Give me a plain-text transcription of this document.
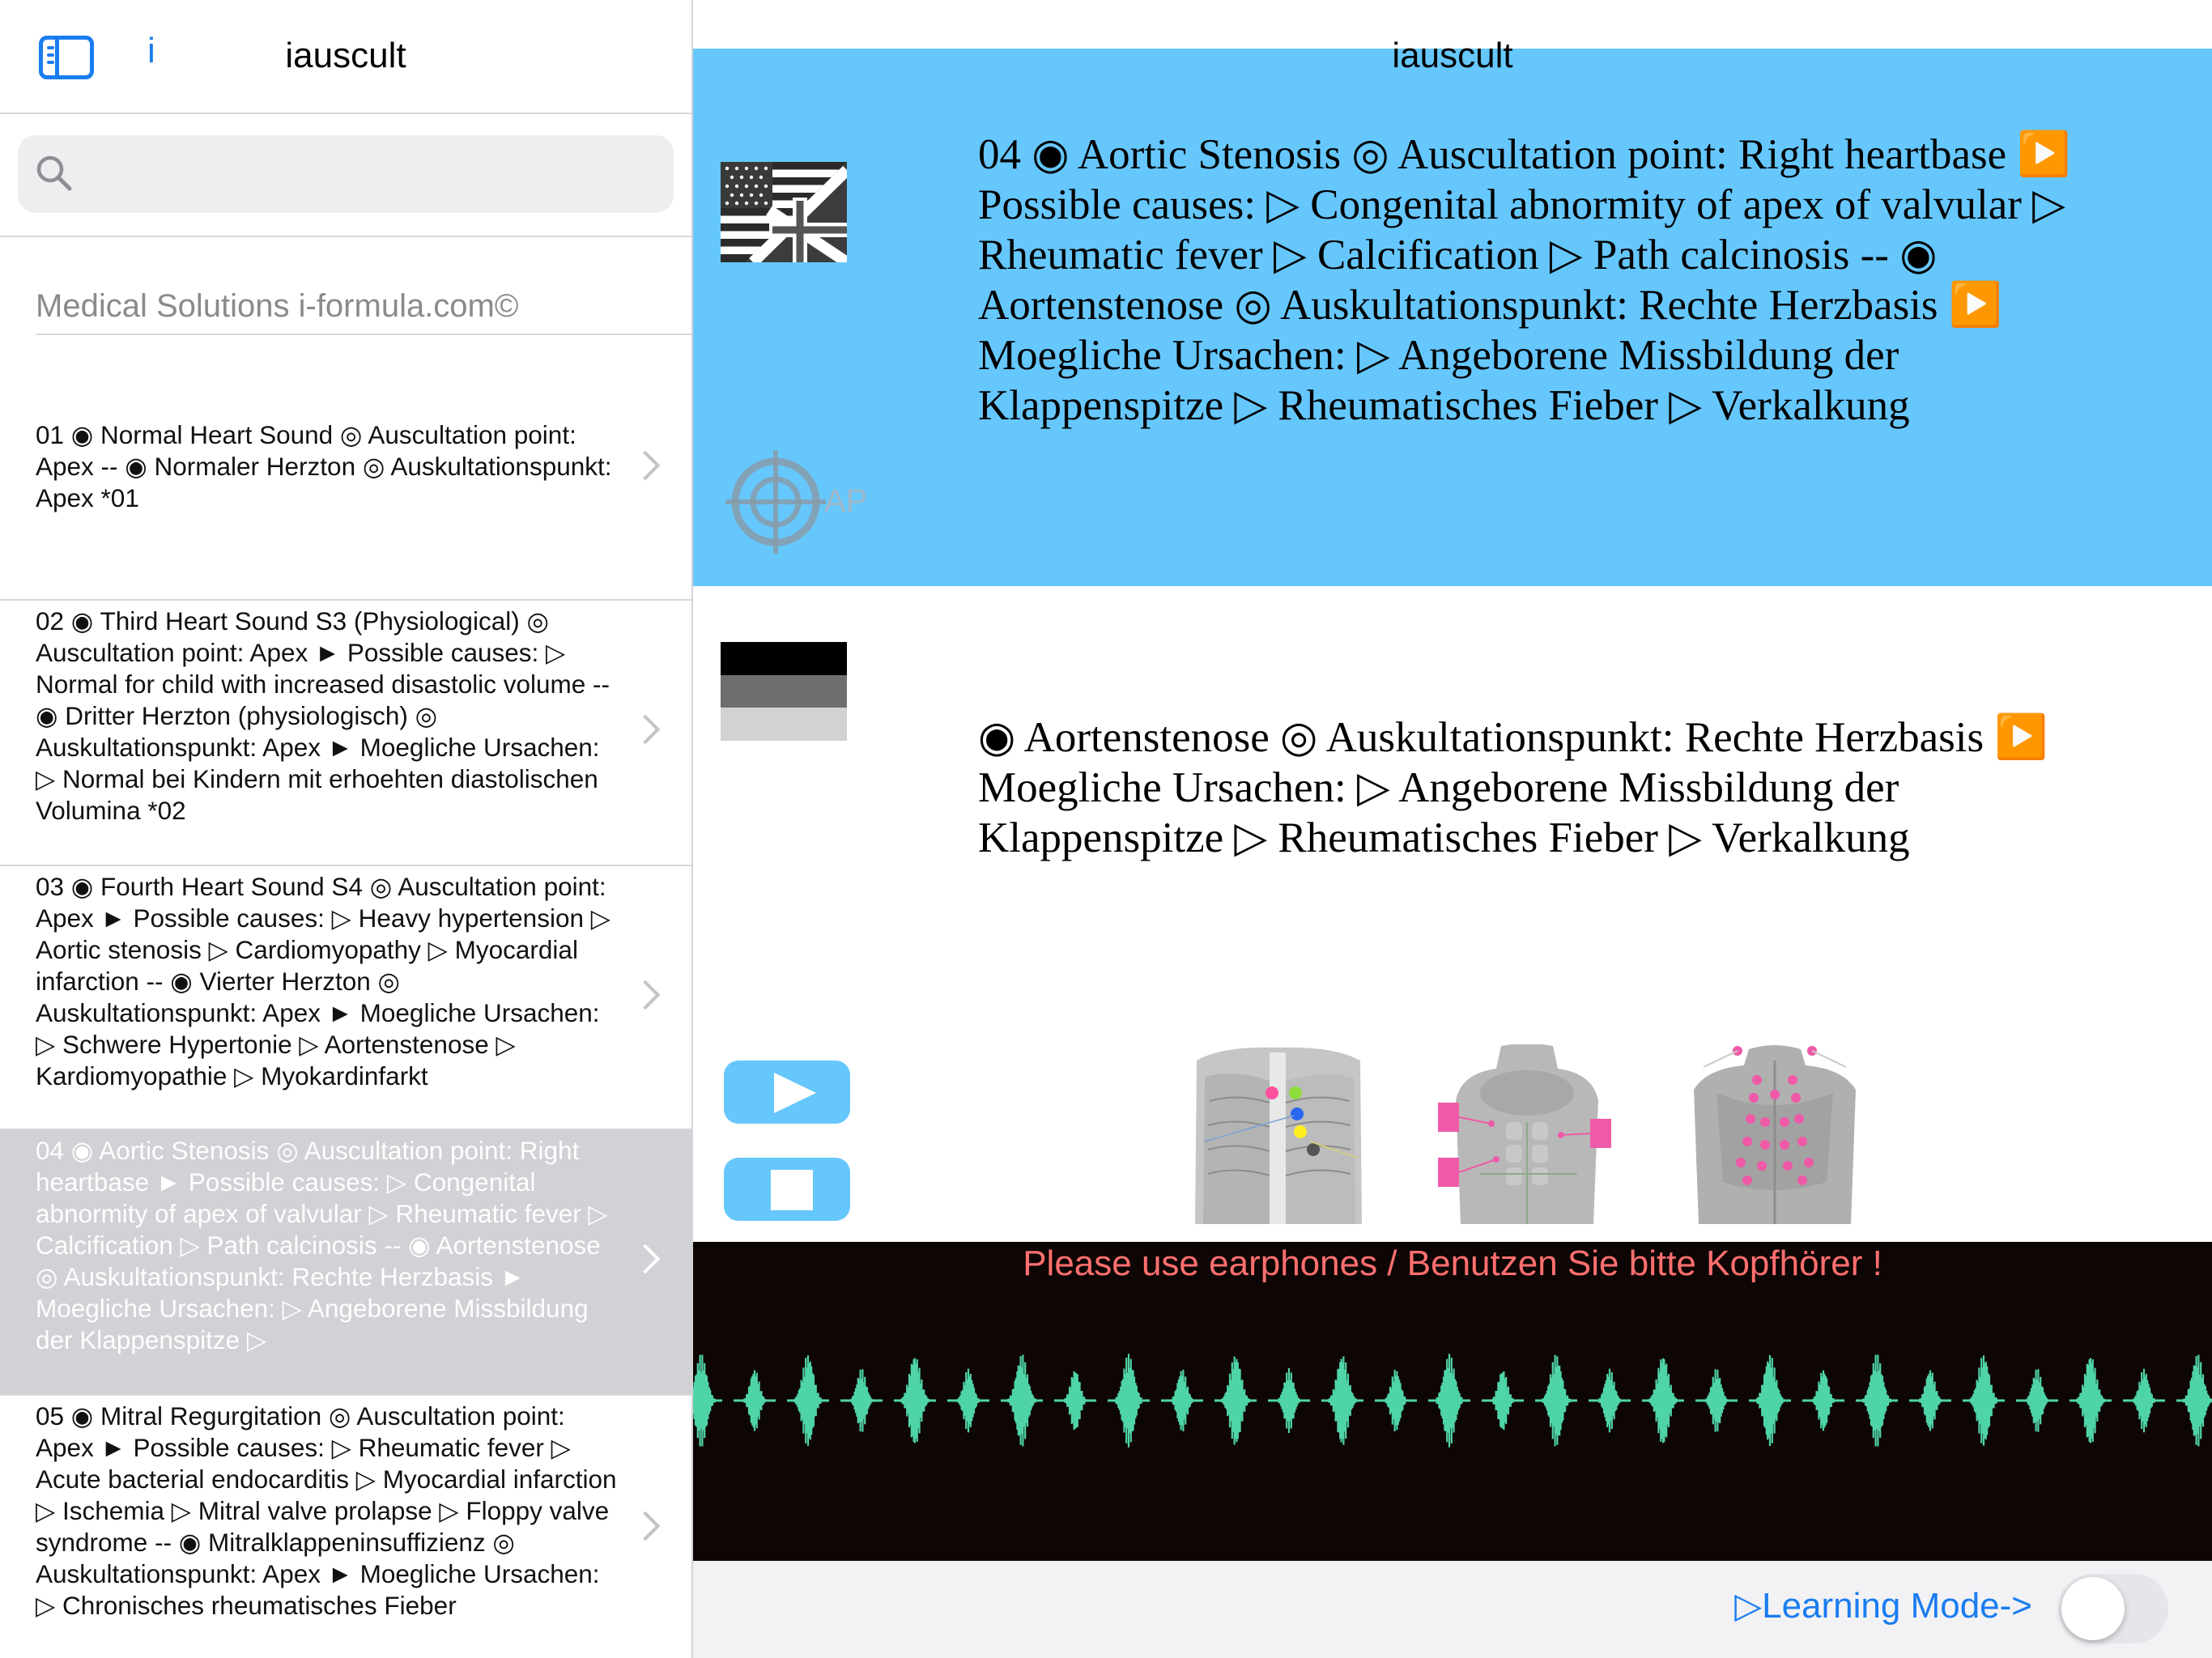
i	iauscult
Medical Solutions i-formula.com©
01 ◉ Normal Heart Sound ◎ Auscultation point: Apex -- ◉ Normaler Herzton ◎ Auskultationspunkt: Apex *01
02 ◉ Third Heart Sound S3 (Physiological) ◎ Auscultation point: Apex ► Possible causes: ▷ Normal for child with increased disastolic volume -- ◉ Dritter Herzton (physiologisch) ◎ Auskultationspunkt: Apex ► Moegliche Ursachen: ▷ Normal bei Kindern mit erhoehten diastolischen Volumina *02
03 ◉ Fourth Heart Sound S4 ◎ Auscultation point: Apex ► Possible causes: ▷ Heavy hypertension ▷ Aortic stenosis ▷ Cardiomyopathy ▷ Myocardial infarction -- ◉ Vierter Herzton ◎ Auskultationspunkt: Apex ► Moegliche Ursachen: ▷ Schwere Hypertonie ▷ Aortenstenose ▷ Kardiomyopathie ▷ Myokardinfarkt
04 ◉ Aortic Stenosis ◎ Auscultation point: Right heartbase ► Possible causes: ▷ Congenital abnormity of apex of valvular ▷ Rheumatic fever ▷ Calcification ▷ Path calcinosis -- ◉ Aortenstenose ◎ Auskultationspunkt: Rechte Herzbasis ► Moegliche Ursachen: ▷ Angeborene Missbildung der Klappenspitze ▷
05 ◉ Mitral Regurgitation ◎ Auscultation point: Apex ► Possible causes: ▷ Rheumatic fever ▷ Acute bacterial endocarditis ▷ Myocardial infarction ▷ Ischemia ▷ Mitral valve prolapse ▷ Floppy valve syndrome -- ◉ Mitralklappeninsuffizienz ◎ Auskultationspunkt: Apex ► Moegliche Ursachen: ▷ Chronisches rheumatisches Fieber
AP
iauscult
04 ◉ Aortic Stenosis ◎ Auscultation point: Right heartbase ▶️ Possible causes: ▷ Congenital abnormity of apex of valvular ▷ Rheumatic fever ▷ Calcification ▷ Path calcinosis -- ◉ Aortenstenose ◎ Auskultationspunkt: Rechte Herzbasis ▶️ Moegliche Ursachen: ▷ Angeborene Missbildung der Klappenspitze ▷ Rheumatisches Fieber ▷ Verkalkung
◉ Aortenstenose ◎ Auskultationspunkt: Rechte Herzbasis ▶️ Moegliche Ursachen: ▷ Angeborene Missbildung der Klappenspitze ▷ Rheumatisches Fieber ▷ Verkalkung
Please use earphones / Benutzen Sie bitte Kopfhörer !
▷Learning Mode->
